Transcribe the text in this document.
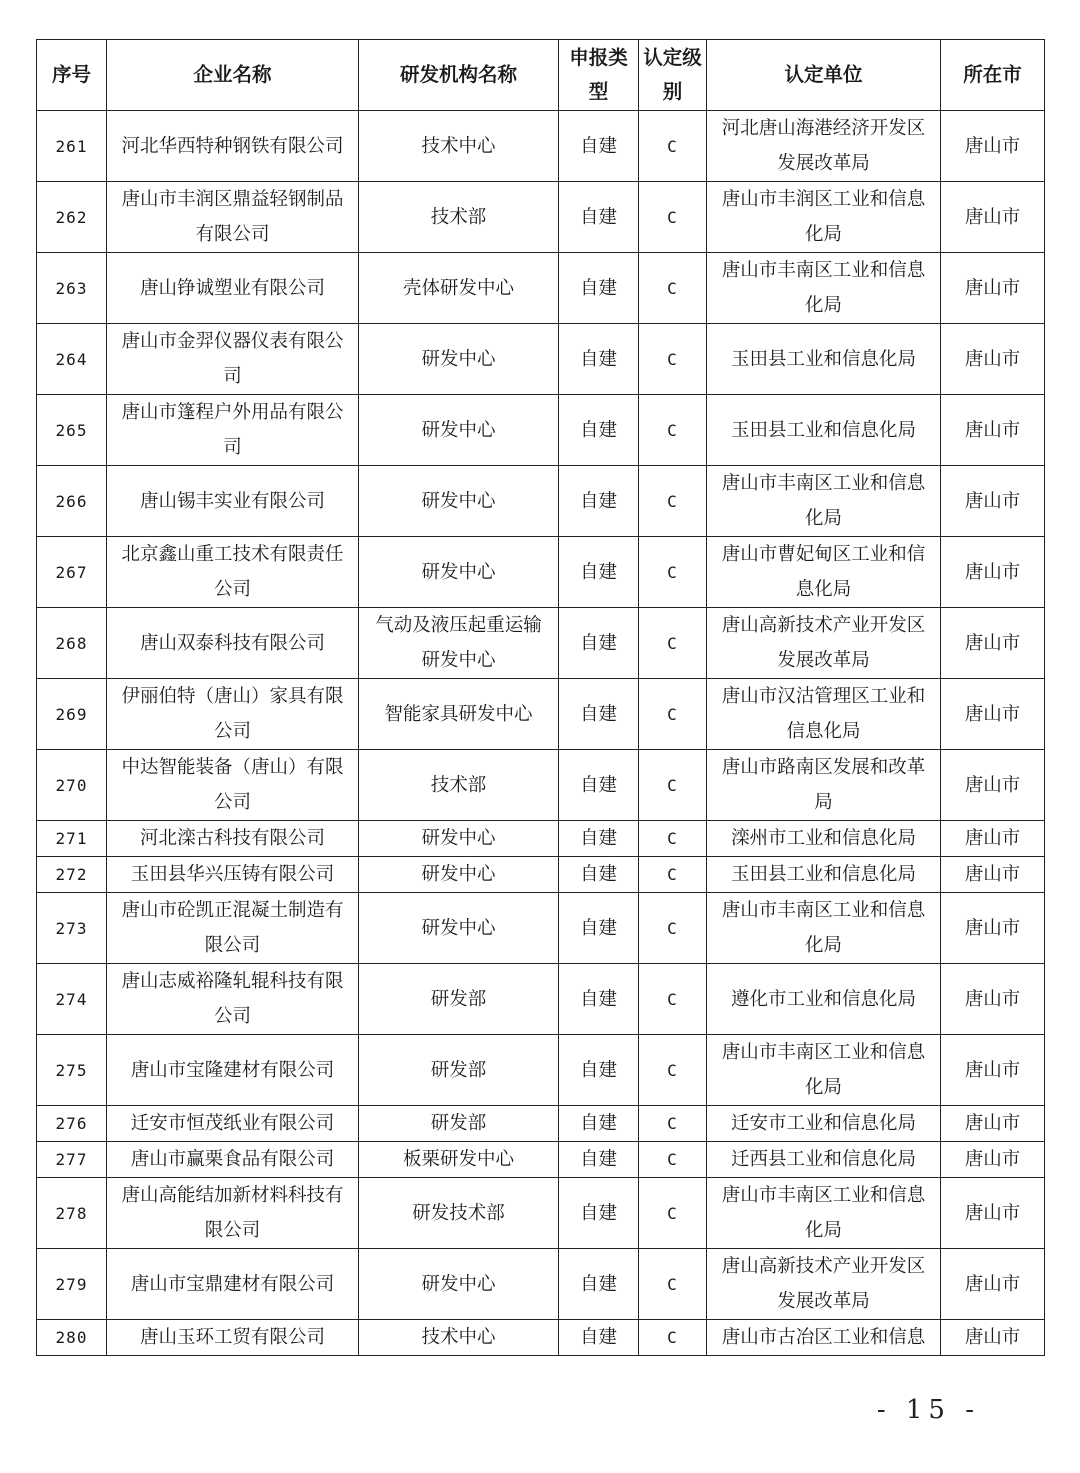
序号	企业名称	研发机构名称	申报类型	认定级别	认定单位	所在市
261	河北华西特种钢铁有限公司	技术中心	自建	C	河北唐山海港经济开发区发展改革局	唐山市
262	唐山市丰润区鼎益轻钢制品有限公司	技术部	自建	C	唐山市丰润区工业和信息化局	唐山市
263	唐山铮诚塑业有限公司	壳体研发中心	自建	C	唐山市丰南区工业和信息化局	唐山市
264	唐山市金羿仪器仪表有限公司	研发中心	自建	C	玉田县工业和信息化局	唐山市
265	唐山市篷程户外用品有限公司	研发中心	自建	C	玉田县工业和信息化局	唐山市
266	唐山锡丰实业有限公司	研发中心	自建	C	唐山市丰南区工业和信息化局	唐山市
267	北京鑫山重工技术有限责任公司	研发中心	自建	C	唐山市曹妃甸区工业和信息化局	唐山市
268	唐山双泰科技有限公司	气动及液压起重运输研发中心	自建	C	唐山高新技术产业开发区发展改革局	唐山市
269	伊丽伯特（唐山）家具有限公司	智能家具研发中心	自建	C	唐山市汉沽管理区工业和信息化局	唐山市
270	中达智能装备（唐山）有限公司	技术部	自建	C	唐山市路南区发展和改革局	唐山市
271	河北滦古科技有限公司	研发中心	自建	C	滦州市工业和信息化局	唐山市
272	玉田县华兴压铸有限公司	研发中心	自建	C	玉田县工业和信息化局	唐山市
273	唐山市砼凯正混凝土制造有限公司	研发中心	自建	C	唐山市丰南区工业和信息化局	唐山市
274	唐山志威裕隆轧辊科技有限公司	研发部	自建	C	遵化市工业和信息化局	唐山市
275	唐山市宝隆建材有限公司	研发部	自建	C	唐山市丰南区工业和信息化局	唐山市
276	迁安市恒茂纸业有限公司	研发部	自建	C	迁安市工业和信息化局	唐山市
277	唐山市赢栗食品有限公司	板栗研发中心	自建	C	迁西县工业和信息化局	唐山市
278	唐山高能结加新材料科技有限公司	研发技术部	自建	C	唐山市丰南区工业和信息化局	唐山市
279	唐山市宝鼎建材有限公司	研发中心	自建	C	唐山高新技术产业开发区发展改革局	唐山市
280	唐山玉环工贸有限公司	技术中心	自建	C	唐山市古冶区工业和信息	唐山市
- 15 -
